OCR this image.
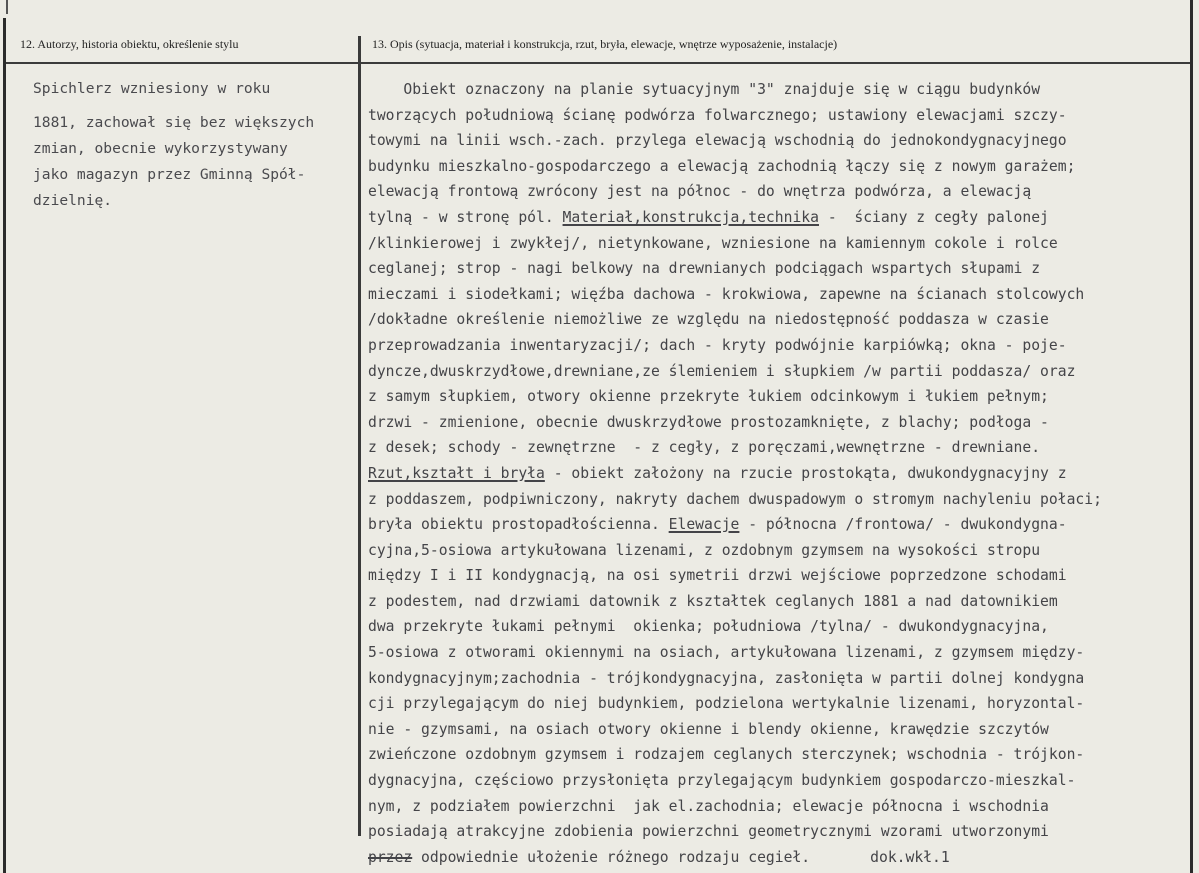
12. Autorzy, historia obiektu, określenie stylu	13. Opis (sytuacja, materiał i konstrukcja, rzut, bryła, elewacje, wnętrze wyposażenie, instalacje)
Spichlerz wzniesiony w roku
1881, zachował się bez większych
zmian, obecnie wykorzystywany
jako magazyn przez Gminną Spół-
dzielnię.
Obiekt oznaczony na planie sytuacyjnym "3" znajduje się w ciągu budynków
tworzących południową ścianę podwórza folwarcznego; ustawiony elewacjami szczy-
towymi na linii wsch.-zach. przylega elewacją wschodnią do jednokondygnacyjnego
budynku mieszkalno-gospodarczego a elewacją zachodnią łączy się z nowym garażem;
elewacją frontową zwrócony jest na północ - do wnętrza podwórza, a elewacją
tylną - w stronę pól. Materiał,konstrukcja,technika -  ściany z cegły palonej
/klinkierowej i zwykłej/, nietynkowane, wzniesione na kamiennym cokole i rolce
ceglanej; strop - nagi belkowy na drewnianych podciągach wspartych słupami z
mieczami i siodełkami; więźba dachowa - krokwiowa, zapewne na ścianach stolcowych
/dokładne określenie niemożliwe ze względu na niedostępność poddasza w czasie
przeprowadzania inwentaryzacji/; dach - kryty podwójnie karpiówką; okna - poje-
dyncze,dwuskrzydłowe,drewniane,ze ślemieniem i słupkiem /w partii poddasza/ oraz
z samym słupkiem, otwory okienne przekryte łukiem odcinkowym i łukiem pełnym;
drzwi - zmienione, obecnie dwuskrzydłowe prostozamknięte, z blachy; podłoga -
z desek; schody - zewnętrzne  - z cegły, z poręczami,wewnętrzne - drewniane.
Rzut,kształt i bryła - obiekt założony na rzucie prostokąta, dwukondygnacyjny z
z poddaszem, podpiwniczony, nakryty dachem dwuspadowym o stromym nachyleniu połaci;
bryła obiektu prostopadłościenna. Elewacje - północna /frontowa/ - dwukondygna-
cyjna,5-osiowa artykułowana lizenami, z ozdobnym gzymsem na wysokości stropu
między I i II kondygnacją, na osi symetrii drzwi wejściowe poprzedzone schodami
z podestem, nad drzwiami datownik z kształtek ceglanych 1881 a nad datownikiem
dwa przekryte łukami pełnymi  okienka; południowa /tylna/ - dwukondygnacyjna,
5-osiowa z otworami okiennymi na osiach, artykułowana lizenami, z gzymsem między-
kondygnacyjnym;zachodnia - trójkondygnacyjna, zasłonięta w partii dolnej kondygna
cji przylegającym do niej budynkiem, podzielona wertykalnie lizenami, horyzontal-
nie - gzymsami, na osiach otwory okienne i blendy okienne, krawędzie szczytów
zwieńczone ozdobnym gzymsem i rodzajem ceglanych sterczynek; wschodnia - trójkon-
dygnacyjna, częściowo przysłonięta przylegającym budynkiem gospodarczo-mieszkal-
nym, z podziałem powierzchni  jak el.zachodnia; elewacje północna i wschodnia
posiadają atrakcyjne zdobienia powierzchni geometrycznymi wzorami utworzonymi
przez odpowiednie ułożenie różnego rodzaju cegieł.	dok.wkł.1
